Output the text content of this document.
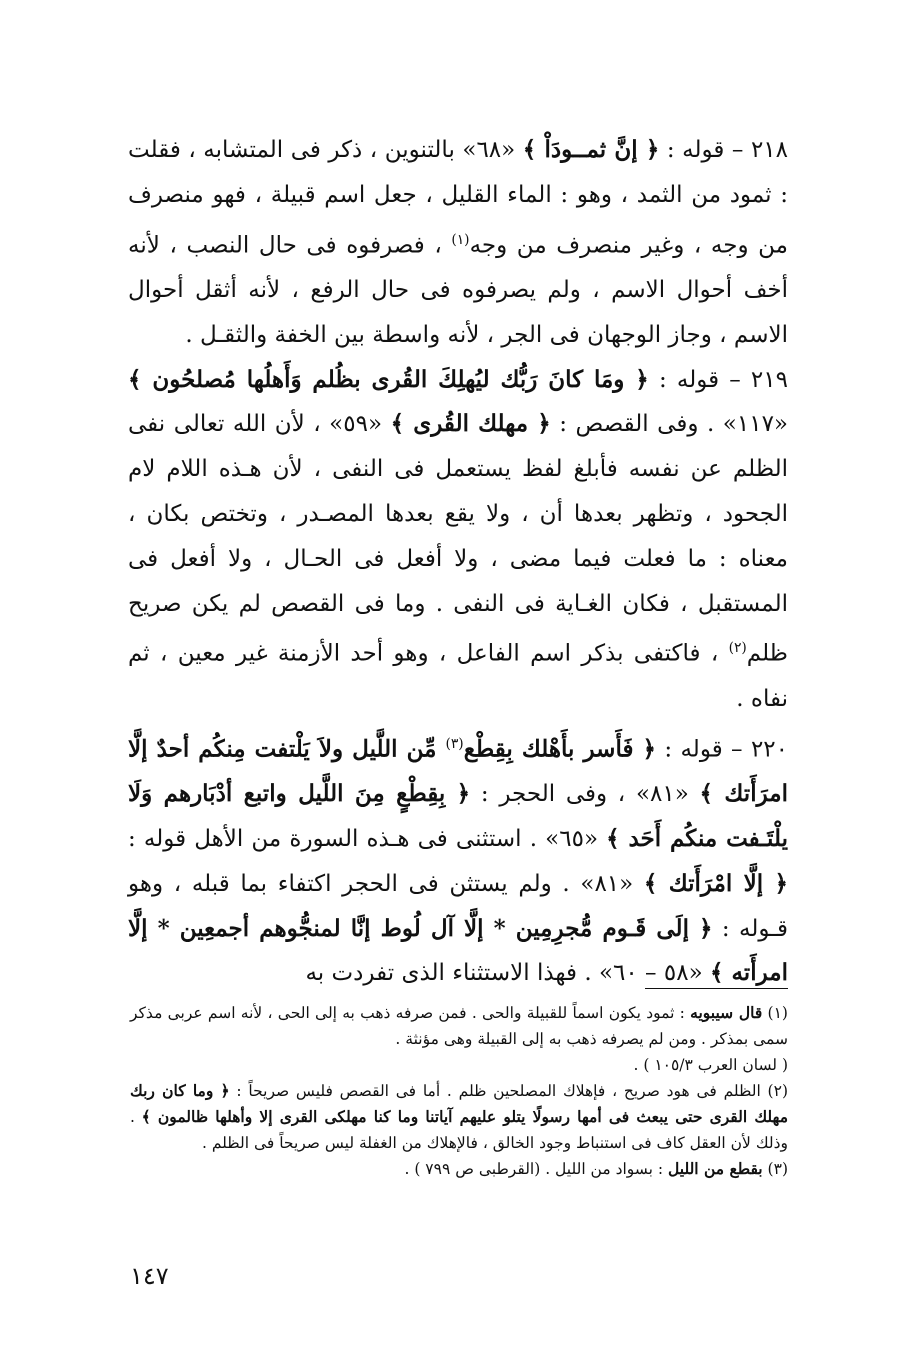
٢١٨ – قوله : ﴿ إنَّ ثمــودَاْ ﴾ «٦٨» بالتنوين ، ذكر فى المتشابه ، فقلت : ثمود من الثمد ، وهو : الماء القليل ، جعل اسم قبيلة ، فهو منصرف من وجه ، وغير منصرف من وجه$^{(١)}$ ، فصرفوه فى حال النصب ، لأنه أخف أحوال الاسم ، ولم يصرفوه فى حال الرفع ، لأنه أثقل أحوال الاسم ، وجاز الوجهان فى الجر ، لأنه واسطة بين الخفة والثقـل .

٢١٩ – قوله : ﴿ ومَا كانَ رَبُّك ليُهلِكَ القُرى بظُلم وَأَهلُها مُصلحُون ﴾ «١١٧» . وفى القصص : ﴿ مهلك القُرى ﴾ «٥٩» ، لأن الله تعالى نفى الظلم عن نفسه فأبلغ لفظ يستعمل فى النفى ، لأن هـذه اللام لام الجحود ، وتظهر بعدها أن ، ولا يقع بعدها المصـدر ، وتختص بكان ، معناه : ما فعلت فيما مضى ، ولا أفعل فى الحـال ، ولا أفعل فى المستقبل ، فكان الغـاية فى النفى . وما فى القصص لم يكن صريح ظلم$^{(٢)}$ ، فاكتفى بذكر اسم الفاعل ، وهو أحد الأزمنة غير معين ، ثم نفاه .

٢٢٠ – قوله : ﴿ فَأَسر بأَهْلك بِقِطْع$^{(٣)}$ مِّن اللَّيل ولاَ يَلْتفت مِنكُم أحدٌ إلَّا امرَأَتك ﴾ «٨١» ، وفى الحجر : ﴿ بِقِطْعٍ مِنَ اللَّيل واتبع أدْبَارهم وَلَا يلْتَـفت منكُم أَحَد ﴾ «٦٥» . استثنى فى هـذه السورة من الأهل قوله : ﴿ إلَّا امْرَأَتك ﴾ «٨١» . ولم يستثن فى الحجر اكتفاء بما قبله ، وهو قـوله : ﴿ إلَى قَـوم مُّجرِمِين * إلَّا آل لُوط إنَّا لمنجُّوهم أجمعِين * إلَّا امرأَته ﴾ «٥٨ – ٦٠» . فهذا الاستثناء الذى تفردت به

(١) قال سيبويه : ثمود يكون اسماً للقبيلة والحى . فمن صرفه ذهب به إلى الحى ، لأنه اسم عربى مذكر سمى بمذكر . ومن لم يصرفه ذهب به إلى القبيلة وهى مؤنثة .

( لسان العرب ١٠٥/٣ ) .

(٢) الظلم فى هود صريح ، فإهلاك المصلحين ظلم . أما فى القصص فليس صريحاً : ﴿ وما كان ربك مهلك القرى حتى يبعث فى أمها رسولًا يتلو عليهم آياتنا وما كنا مهلكى القرى إلا وأهلها ظالمون ﴾ . وذلك لأن العقل كاف فى استنباط وجود الخالق ، فالإهلاك من الغفلة ليس صريحاً فى الظلم .

(٣) بقطع من الليل : بسواد من الليل . (القرطبى ص ٧٩٩ ) .

١٤٧
